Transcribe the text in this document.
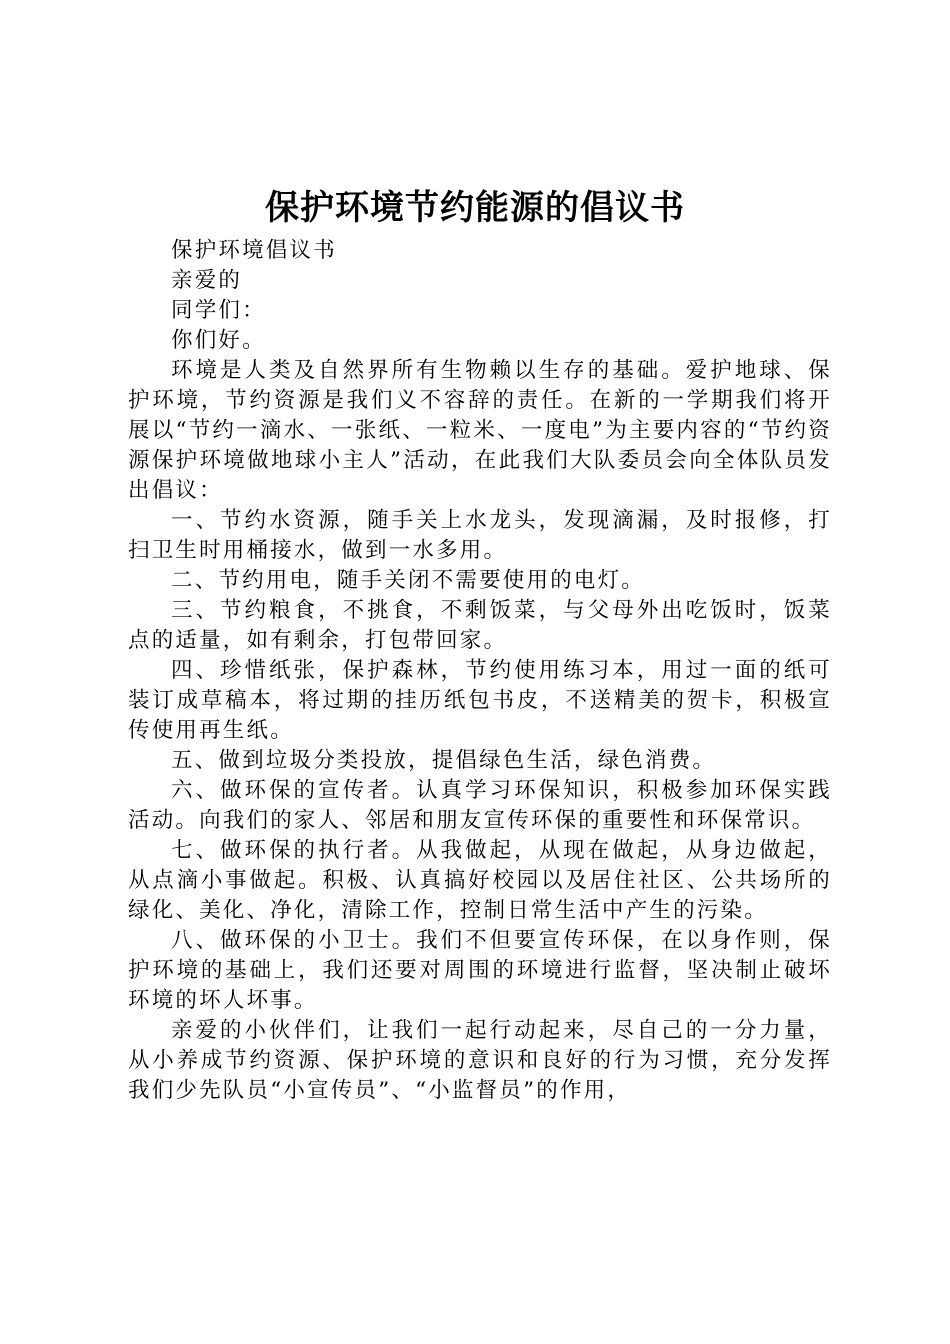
保护环境节约能源的倡议书

保护环境倡议书

亲爱的

同学们：

你们好。

环境是人类及自然界所有生物赖以生存的基础。爱护地球、保护环境，节约资源是我们义不容辞的责任。在新的一学期我们将开展以“节约一滴水、一张纸、一粒米、一度电”为主要内容的“节约资源保护环境做地球小主人”活动，在此我们大队委员会向全体队员发出倡议：

一、节约水资源，随手关上水龙头，发现滴漏，及时报修，打扫卫生时用桶接水，做到一水多用。

二、节约用电，随手关闭不需要使用的电灯。

三、节约粮食，不挑食，不剩饭菜，与父母外出吃饭时，饭菜点的适量，如有剩余，打包带回家。

四、珍惜纸张，保护森林，节约使用练习本，用过一面的纸可装订成草稿本，将过期的挂历纸包书皮，不送精美的贺卡，积极宣传使用再生纸。

五、做到垃圾分类投放，提倡绿色生活，绿色消费。

六、做环保的宣传者。认真学习环保知识，积极参加环保实践活动。向我们的家人、邻居和朋友宣传环保的重要性和环保常识。

七、做环保的执行者。从我做起，从现在做起，从身边做起，从点滴小事做起。积极、认真搞好校园以及居住社区、公共场所的绿化、美化、净化，清除工作，控制日常生活中产生的污染。

八、做环保的小卫士。我们不但要宣传环保，在以身作则，保护环境的基础上，我们还要对周围的环境进行监督，坚决制止破坏环境的坏人坏事。

亲爱的小伙伴们，让我们一起行动起来，尽自己的一分力量，从小养成节约资源、保护环境的意识和良好的行为习惯，充分发挥我们少先队员“小宣传员”、“小监督员”的作用，
